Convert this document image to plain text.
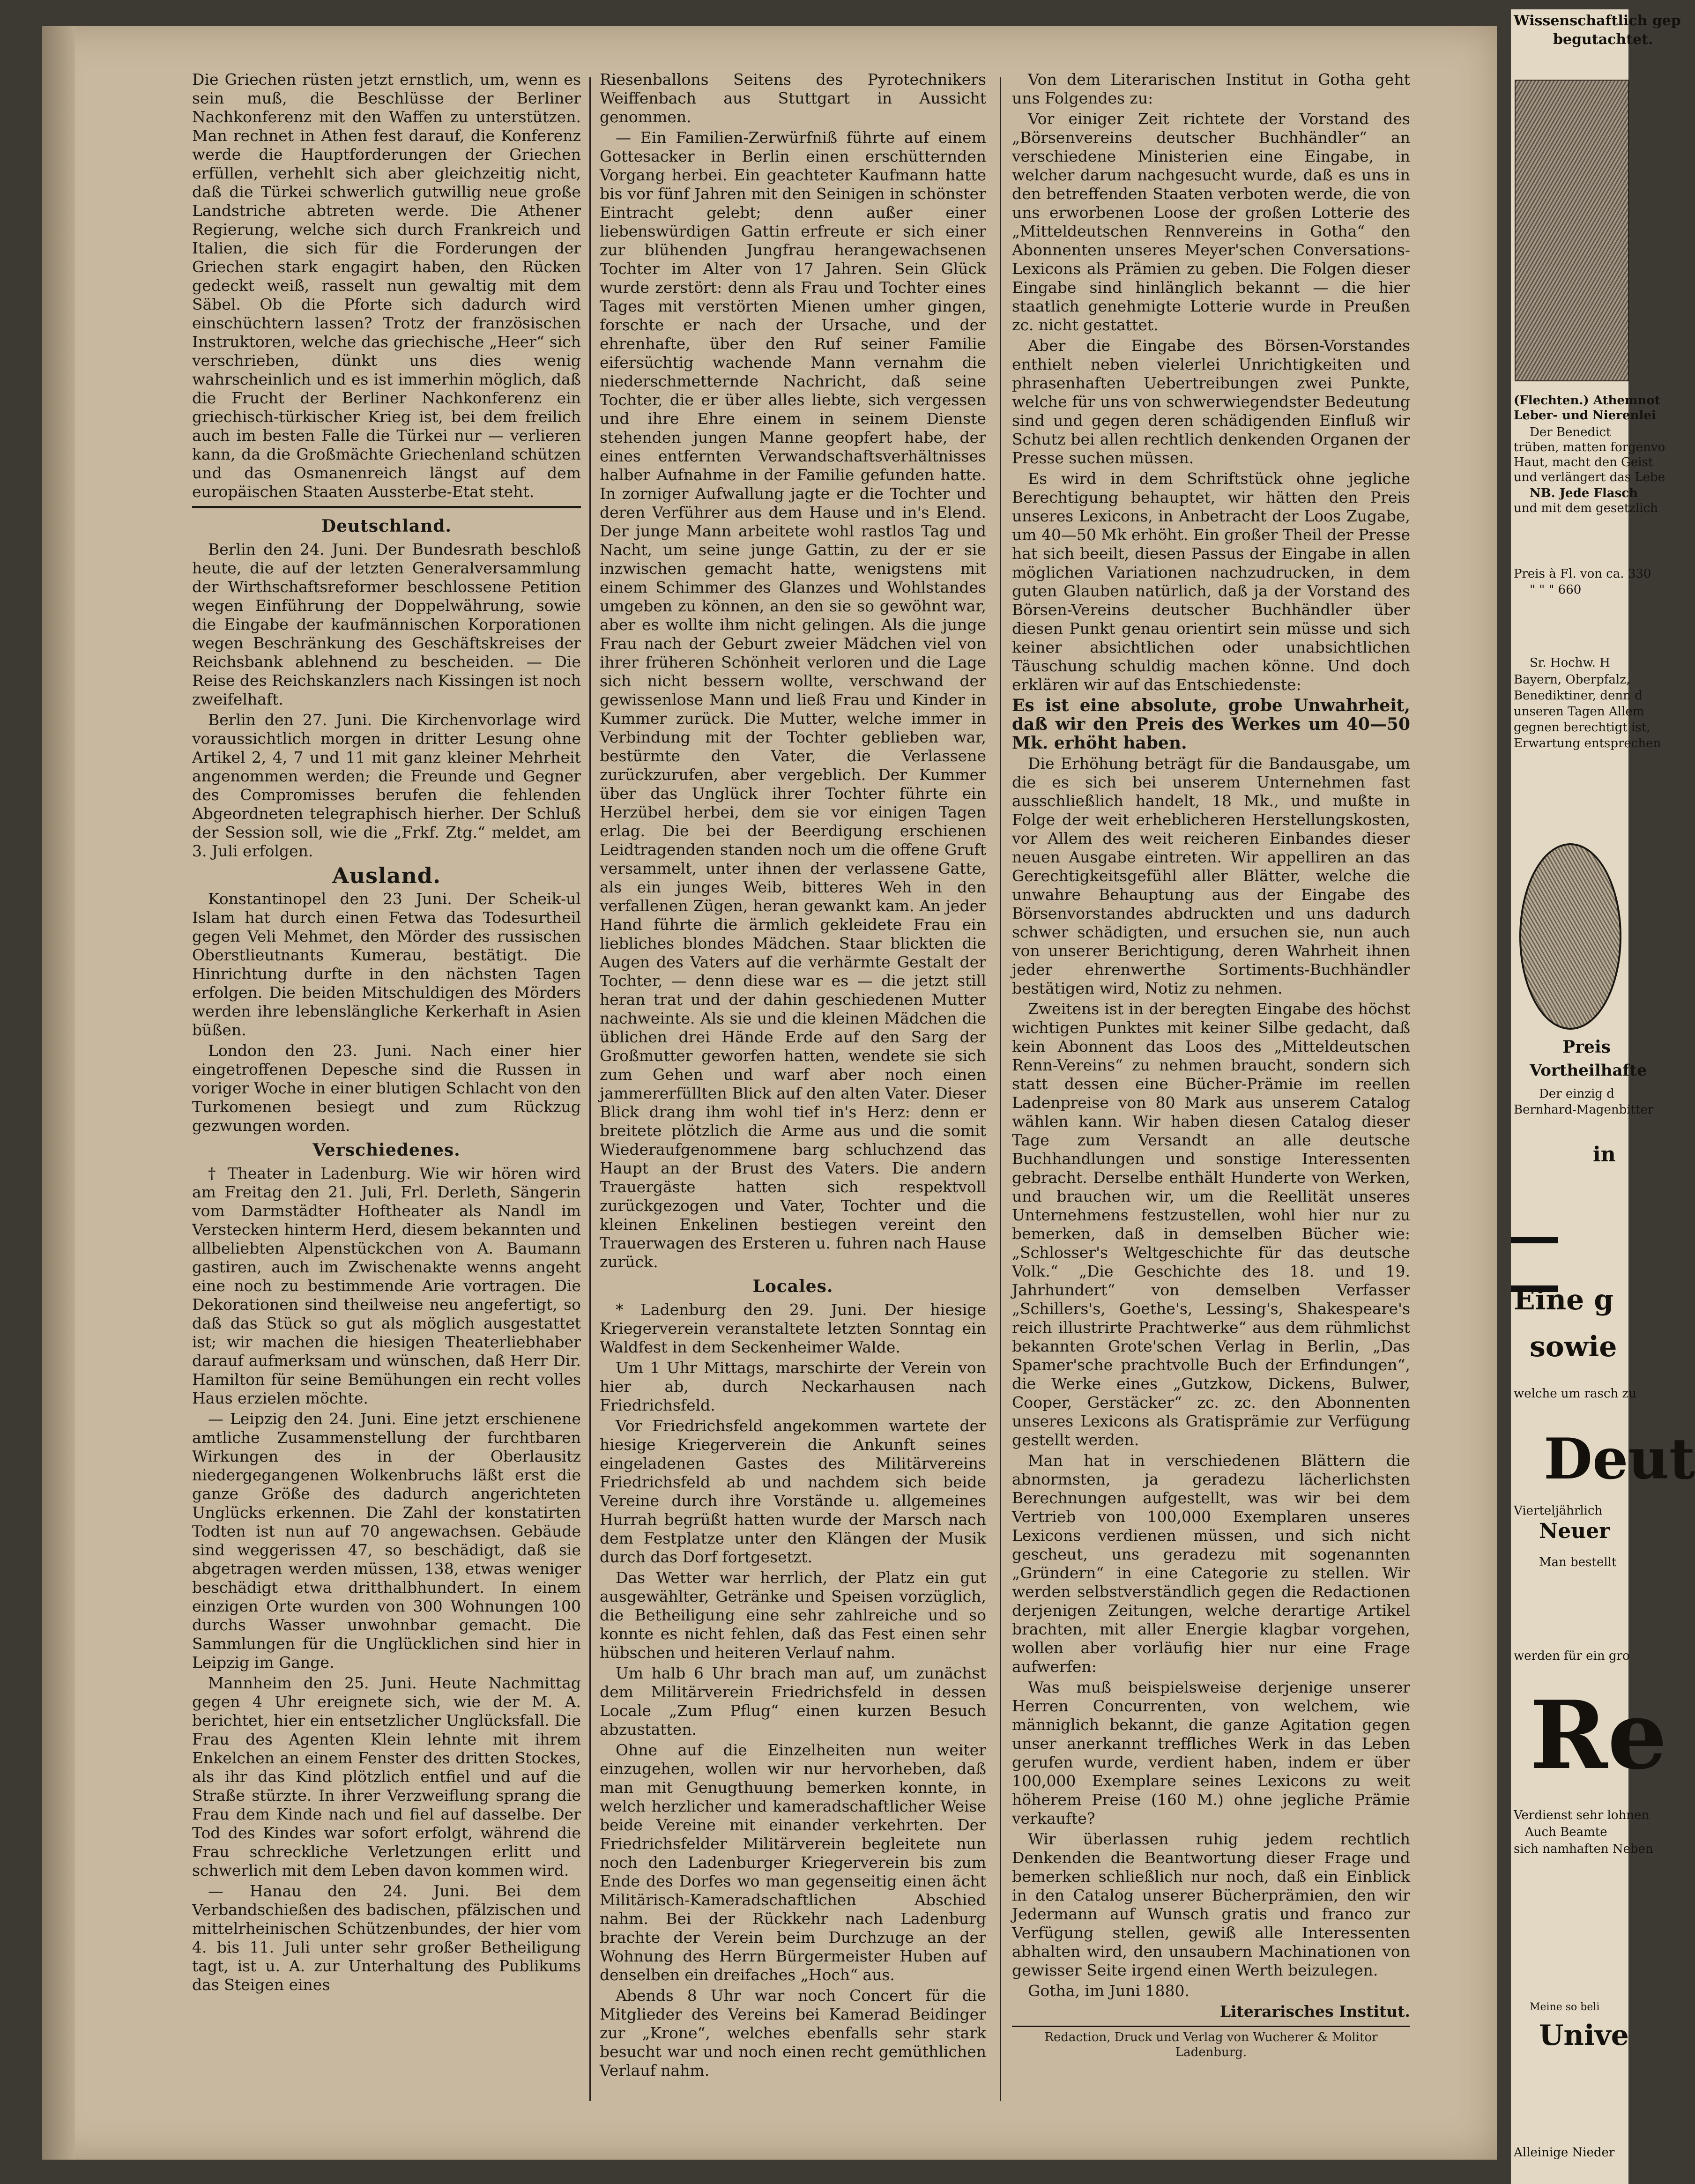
Die Griechen rüsten jetzt ernstlich, um, wenn es sein muß, die Beschlüsse der Berliner Nachkonferenz mit den Waffen zu unterstützen. Man rechnet in Athen fest darauf, die Konferenz werde die Hauptforderungen der Griechen erfüllen, verhehlt sich aber gleichzeitig nicht, daß die Türkei schwerlich gutwillig neue große Landstriche abtreten werde. Die Athener Regierung, welche sich durch Frankreich und Italien, die sich für die Forderungen der Griechen stark engagirt haben, den Rücken gedeckt weiß, rasselt nun gewaltig mit dem Säbel. Ob die Pforte sich dadurch wird einschüchtern lassen? Trotz der französischen Instruktoren, welche das griechische „Heer“ sich verschrieben, dünkt uns dies wenig wahrscheinlich und es ist immerhin möglich, daß die Frucht der Berliner Nachkonferenz ein griechisch-türkischer Krieg ist, bei dem freilich auch im besten Falle die Türkei nur — verlieren kann, da die Großmächte Griechenland schützen und das Osmanenreich längst auf dem europäischen Staaten Aussterbe-Etat steht.

Deutschland.

Berlin den 24. Juni. Der Bundesrath beschloß heute, die auf der letzten Generalversammlung der Wirthschaftsreformer beschlossene Petition wegen Einführung der Doppelwährung, sowie die Eingabe der kaufmännischen Korporationen wegen Beschränkung des Geschäftskreises der Reichsbank ablehnend zu bescheiden. — Die Reise des Reichskanzlers nach Kissingen ist noch zweifelhaft.

Berlin den 27. Juni. Die Kirchenvorlage wird voraussichtlich morgen in dritter Lesung ohne Artikel 2, 4, 7 und 11 mit ganz kleiner Mehrheit angenommen werden; die Freunde und Gegner des Compromisses berufen die fehlenden Abgeordneten telegraphisch hierher. Der Schluß der Session soll, wie die „Frkf. Ztg.“ meldet, am 3. Juli erfolgen.

Ausland.

Konstantinopel den 23 Juni. Der Scheik-ul Islam hat durch einen Fetwa das Todesurtheil gegen Veli Mehmet, den Mörder des russischen Oberstlieutnants Kumerau, bestätigt. Die Hinrichtung durfte in den nächsten Tagen erfolgen. Die beiden Mitschuldigen des Mörders werden ihre lebenslängliche Kerkerhaft in Asien büßen.

London den 23. Juni. Nach einer hier eingetroffenen Depesche sind die Russen in voriger Woche in einer blutigen Schlacht von den Turkomenen besiegt und zum Rückzug gezwungen worden.

Verschiedenes.

† Theater in Ladenburg. Wie wir hören wird am Freitag den 21. Juli, Frl. Derleth, Sängerin vom Darmstädter Hoftheater als Nandl im Verstecken hinterm Herd, diesem bekannten und allbeliebten Alpenstückchen von A. Baumann gastiren, auch im Zwischenakte wenns angeht eine noch zu bestimmende Arie vortragen. Die Dekorationen sind theilweise neu angefertigt, so daß das Stück so gut als möglich ausgestattet ist; wir machen die hiesigen Theaterliebhaber darauf aufmerksam und wünschen, daß Herr Dir. Hamilton für seine Bemühungen ein recht volles Haus erzielen möchte.

— Leipzig den 24. Juni. Eine jetzt erschienene amtliche Zusammenstellung der furchtbaren Wirkungen des in der Oberlausitz niedergegangenen Wolkenbruchs läßt erst die ganze Größe des dadurch angerichteten Unglücks erkennen. Die Zahl der konstatirten Todten ist nun auf 70 angewachsen. Gebäude sind weggerissen 47, so beschädigt, daß sie abgetragen werden müssen, 138, etwas weniger beschädigt etwa dritthalbhundert. In einem einzigen Orte wurden von 300 Wohnungen 100 durchs Wasser unwohnbar gemacht. Die Sammlungen für die Unglücklichen sind hier in Leipzig im Gange.

Mannheim den 25. Juni. Heute Nachmittag gegen 4 Uhr ereignete sich, wie der M. A. berichtet, hier ein entsetzlicher Unglücksfall. Die Frau des Agenten Klein lehnte mit ihrem Enkelchen an einem Fenster des dritten Stockes, als ihr das Kind plötzlich entfiel und auf die Straße stürzte. In ihrer Verzweiflung sprang die Frau dem Kinde nach und fiel auf dasselbe. Der Tod des Kindes war sofort erfolgt, während die Frau schreckliche Verletzungen erlitt und schwerlich mit dem Leben davon kommen wird.

— Hanau den 24. Juni. Bei dem Verbandschießen des badischen, pfälzischen und mittelrheinischen Schützenbundes, der hier vom 4. bis 11. Juli unter sehr großer Betheiligung tagt, ist u. A. zur Unterhaltung des Publikums das Steigen eines

Riesenballons Seitens des Pyrotechnikers Weiffenbach aus Stuttgart in Aussicht genommen.

— Ein Familien-Zerwürfniß führte auf einem Gottesacker in Berlin einen erschütternden Vorgang herbei. Ein geachteter Kaufmann hatte bis vor fünf Jahren mit den Seinigen in schönster Eintracht gelebt; denn außer einer liebenswürdigen Gattin erfreute er sich einer zur blühenden Jungfrau herangewachsenen Tochter im Alter von 17 Jahren. Sein Glück wurde zerstört: denn als Frau und Tochter eines Tages mit verstörten Mienen umher gingen, forschte er nach der Ursache, und der ehrenhafte, über den Ruf seiner Familie eifersüchtig wachende Mann vernahm die niederschmetternde Nachricht, daß seine Tochter, die er über alles liebte, sich vergessen und ihre Ehre einem in seinem Dienste stehenden jungen Manne geopfert habe, der eines entfernten Verwandschaftsverhältnisses halber Aufnahme in der Familie gefunden hatte. In zorniger Aufwallung jagte er die Tochter und deren Verführer aus dem Hause und in's Elend. Der junge Mann arbeitete wohl rastlos Tag und Nacht, um seine junge Gattin, zu der er sie inzwischen gemacht hatte, wenigstens mit einem Schimmer des Glanzes und Wohlstandes umgeben zu können, an den sie so gewöhnt war, aber es wollte ihm nicht gelingen. Als die junge Frau nach der Geburt zweier Mädchen viel von ihrer früheren Schönheit verloren und die Lage sich nicht bessern wollte, verschwand der gewissenlose Mann und ließ Frau und Kinder in Kummer zurück. Die Mutter, welche immer in Verbindung mit der Tochter geblieben war, bestürmte den Vater, die Verlassene zurückzurufen, aber vergeblich. Der Kummer über das Unglück ihrer Tochter führte ein Herzübel herbei, dem sie vor einigen Tagen erlag. Die bei der Beerdigung erschienen Leidtragenden standen noch um die offene Gruft versammelt, unter ihnen der verlassene Gatte, als ein junges Weib, bitteres Weh in den verfallenen Zügen, heran gewankt kam. An jeder Hand führte die ärmlich gekleidete Frau ein liebliches blondes Mädchen. Staar blickten die Augen des Vaters auf die verhärmte Gestalt der Tochter, — denn diese war es — die jetzt still heran trat und der dahin geschiedenen Mutter nachweinte. Als sie und die kleinen Mädchen die üblichen drei Hände Erde auf den Sarg der Großmutter geworfen hatten, wendete sie sich zum Gehen und warf aber noch einen jammererfüllten Blick auf den alten Vater. Dieser Blick drang ihm wohl tief in's Herz: denn er breitete plötzlich die Arme aus und die somit Wiederaufgenommene barg schluchzend das Haupt an der Brust des Vaters. Die andern Trauergäste hatten sich respektvoll zurückgezogen und Vater, Tochter und die kleinen Enkelinen bestiegen vereint den Trauerwagen des Ersteren u. fuhren nach Hause zurück.

Locales.

* Ladenburg den 29. Juni. Der hiesige Kriegerverein veranstaltete letzten Sonntag ein Waldfest in dem Seckenheimer Walde.

Um 1 Uhr Mittags, marschirte der Verein von hier ab, durch Neckarhausen nach Friedrichsfeld.

Vor Friedrichsfeld angekommen wartete der hiesige Kriegerverein die Ankunft seines eingeladenen Gastes des Militärvereins Friedrichsfeld ab und nachdem sich beide Vereine durch ihre Vorstände u. allgemeines Hurrah begrüßt hatten wurde der Marsch nach dem Festplatze unter den Klängen der Musik durch das Dorf fortgesetzt.

Das Wetter war herrlich, der Platz ein gut ausgewählter, Getränke und Speisen vorzüglich, die Betheiligung eine sehr zahlreiche und so konnte es nicht fehlen, daß das Fest einen sehr hübschen und heiteren Verlauf nahm.

Um halb 6 Uhr brach man auf, um zunächst dem Militärverein Friedrichsfeld in dessen Locale „Zum Pflug“ einen kurzen Besuch abzustatten.

Ohne auf die Einzelheiten nun weiter einzugehen, wollen wir nur hervorheben, daß man mit Genugthuung bemerken konnte, in welch herzlicher und kameradschaftlicher Weise beide Vereine mit einander verkehrten. Der Friedrichsfelder Militärverein begleitete nun noch den Ladenburger Kriegerverein bis zum Ende des Dorfes wo man gegenseitig einen ächt Militärisch-Kameradschaftlichen Abschied nahm. Bei der Rückkehr nach Ladenburg brachte der Verein beim Durchzuge an der Wohnung des Herrn Bürgermeister Huben auf denselben ein dreifaches „Hoch“ aus.

Abends 8 Uhr war noch Concert für die Mitglieder des Vereins bei Kamerad Beidinger zur „Krone“, welches ebenfalls sehr stark besucht war und noch einen recht gemüthlichen Verlauf nahm.

Von dem Literarischen Institut in Gotha geht uns Folgendes zu:

Vor einiger Zeit richtete der Vorstand des „Börsenvereins deutscher Buchhändler“ an verschiedene Ministerien eine Eingabe, in welcher darum nachgesucht wurde, daß es uns in den betreffenden Staaten verboten werde, die von uns erworbenen Loose der großen Lotterie des „Mitteldeutschen Rennvereins in Gotha“ den Abonnenten unseres Meyer'schen Conversations-Lexicons als Prämien zu geben. Die Folgen dieser Eingabe sind hinlänglich bekannt — die hier staatlich genehmigte Lotterie wurde in Preußen zc. nicht gestattet.

Aber die Eingabe des Börsen-Vorstandes enthielt neben vielerlei Unrichtigkeiten und phrasenhaften Uebertreibungen zwei Punkte, welche für uns von schwerwiegendster Bedeutung sind und gegen deren schädigenden Einfluß wir Schutz bei allen rechtlich denkenden Organen der Presse suchen müssen.

Es wird in dem Schriftstück ohne jegliche Berechtigung behauptet, wir hätten den Preis unseres Lexicons, in Anbetracht der Loos Zugabe, um 40—50 Mk erhöht. Ein großer Theil der Presse hat sich beeilt, diesen Passus der Eingabe in allen möglichen Variationen nachzudrucken, in dem guten Glauben natürlich, daß ja der Vorstand des Börsen-Vereins deutscher Buchhändler über diesen Punkt genau orientirt sein müsse und sich keiner absichtlichen oder unabsichtlichen Täuschung schuldig machen könne. Und doch erklären wir auf das Entschiedenste:

Es ist eine absolute, grobe Unwahrheit, daß wir den Preis des Werkes um 40—50 Mk. erhöht haben.

Die Erhöhung beträgt für die Bandausgabe, um die es sich bei unserem Unternehmen fast ausschließlich handelt, 18 Mk., und mußte in Folge der weit erheblicheren Herstellungskosten, vor Allem des weit reicheren Einbandes dieser neuen Ausgabe eintreten. Wir appelliren an das Gerechtigkeitsgefühl aller Blätter, welche die unwahre Behauptung aus der Eingabe des Börsenvorstandes abdruckten und uns dadurch schwer schädigten, und ersuchen sie, nun auch von unserer Berichtigung, deren Wahrheit ihnen jeder ehrenwerthe Sortiments-Buchhändler bestätigen wird, Notiz zu nehmen.

Zweitens ist in der beregten Eingabe des höchst wichtigen Punktes mit keiner Silbe gedacht, daß kein Abonnent das Loos des „Mitteldeutschen Renn-Vereins“ zu nehmen braucht, sondern sich statt dessen eine Bücher-Prämie im reellen Ladenpreise von 80 Mark aus unserem Catalog wählen kann. Wir haben diesen Catalog dieser Tage zum Versandt an alle deutsche Buchhandlungen und sonstige Interessenten gebracht. Derselbe enthält Hunderte von Werken, und brauchen wir, um die Reellität unseres Unternehmens festzustellen, wohl hier nur zu bemerken, daß in demselben Bücher wie: „Schlosser's Weltgeschichte für das deutsche Volk.“ „Die Geschichte des 18. und 19. Jahrhundert“ von demselben Verfasser „Schillers's, Goethe's, Lessing's, Shakespeare's reich illustrirte Prachtwerke“ aus dem rühmlichst bekannten Grote'schen Verlag in Berlin, „Das Spamer'sche prachtvolle Buch der Erfindungen“, die Werke eines „Gutzkow, Dickens, Bulwer, Cooper, Gerstäcker“ zc. zc. den Abonnenten unseres Lexicons als Gratisprämie zur Verfügung gestellt werden.

Man hat in verschiedenen Blättern die abnormsten, ja geradezu lächerlichsten Berechnungen aufgestellt, was wir bei dem Vertrieb von 100,000 Exemplaren unseres Lexicons verdienen müssen, und sich nicht gescheut, uns geradezu mit sogenannten „Gründern“ in eine Categorie zu stellen. Wir werden selbstverständlich gegen die Redactionen derjenigen Zeitungen, welche derartige Artikel brachten, mit aller Energie klagbar vorgehen, wollen aber vorläufig hier nur eine Frage aufwerfen:

Was muß beispielsweise derjenige unserer Herren Concurrenten, von welchem, wie männiglich bekannt, die ganze Agitation gegen unser anerkannt treffliches Werk in das Leben gerufen wurde, verdient haben, indem er über 100,000 Exemplare seines Lexicons zu weit höherem Preise (160 M.) ohne jegliche Prämie verkaufte?

Wir überlassen ruhig jedem rechtlich Denkenden die Beantwortung dieser Frage und bemerken schließlich nur noch, daß ein Einblick in den Catalog unserer Bücherprämien, den wir Jedermann auf Wunsch gratis und franco zur Verfügung stellen, gewiß alle Interessenten abhalten wird, den unsaubern Machinationen von gewisser Seite irgend einen Werth beizulegen.

Gotha, im Juni 1880.

Literarisches Institut.
Redaction, Druck und Verlag von Wucherer & Molitor
Ladenburg.
Wissenschaftlich gep
begutachtet.
(Flechten.) Athemnot
Leber- und Nierenlei
Der Benedict
trüben, matten forgenvo
Haut, macht den Geist
und verlängert das Lebe
NB. Jede Flasch
und mit dem gesetzlich
Preis à Fl. von ca. 330
" " " 660
Sr. Hochw. H
Bayern, Oberpfalz,
Benediktiner, denn d
unseren Tagen Allem
gegnen berechtigt ist,
Erwartung entsprechen
Preis
Vortheilhafte
Der einzig d
Bernhard-Magenbitter
in
Eine g
sowie
welche um rasch zu
Deut
Vierteljährlich
Neuer
Man bestellt
werden für ein gro
Re
Verdienst sehr lohnen
Auch Beamte
sich namhaften Neben
Meine so beli
Unive
Alleinige Nieder
